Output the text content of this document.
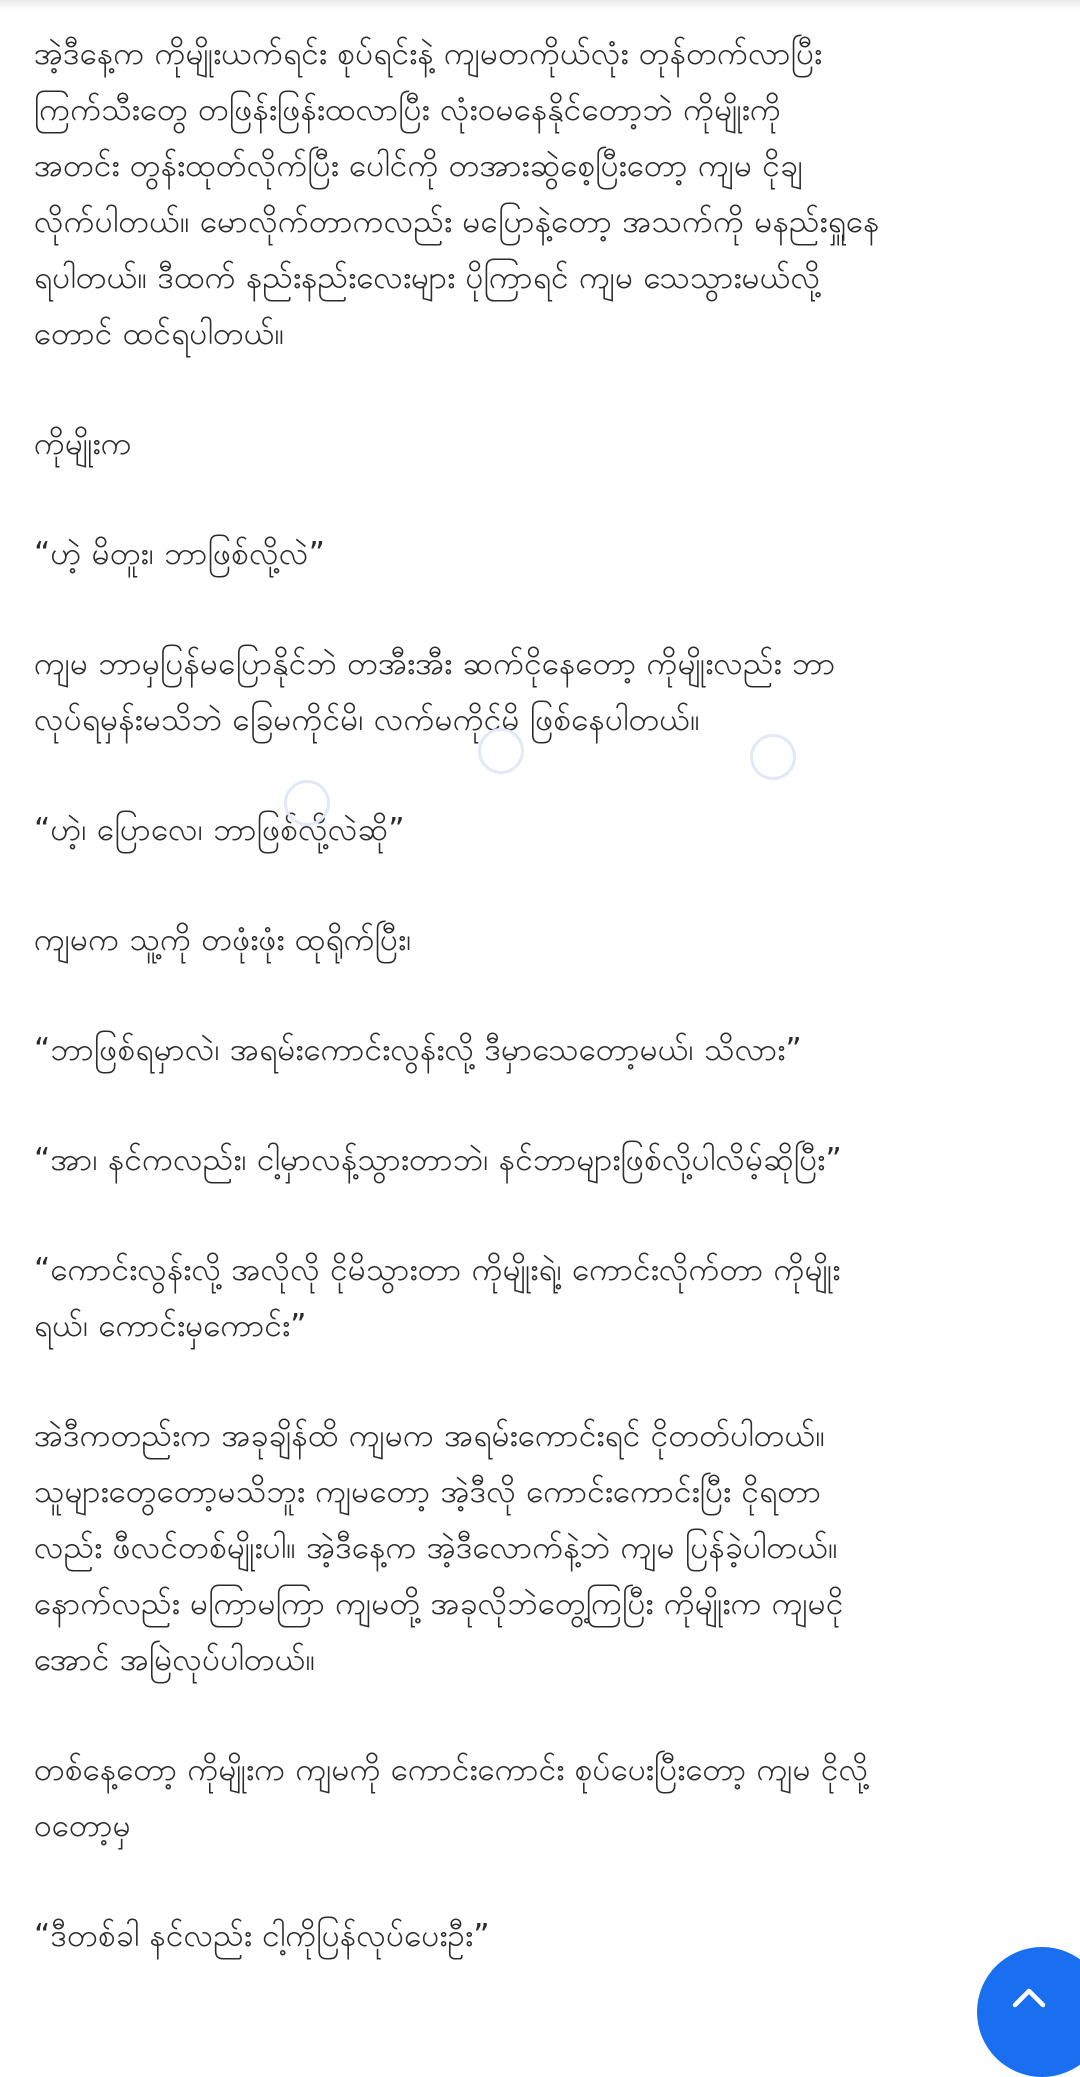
အဲ့ဒီနေ့က ကိုမျိုးယက်ရင်း စုပ်ရင်းနဲ့ ကျမတကိုယ်လုံး တုန်တက်လာပြီး
ကြက်သီးတွေ တဖြန်းဖြန်းထလာပြီး လုံးဝမနေနိုင်တော့ဘဲ ကိုမျိုးကို
အတင်း တွန်းထုတ်လိုက်ပြီး ပေါင်ကို တအားဆွဲစေ့ပြီးတော့ ကျမ ငိုချ
လိုက်ပါတယ်။ မောလိုက်တာကလည်း မပြောနဲ့တော့ အသက်ကို မနည်းရှူနေ
ရပါတယ်။ ဒီထက် နည်းနည်းလေးများ ပိုကြာရင် ကျမ သေသွားမယ်လို့
တောင် ထင်ရပါတယ်။

ကိုမျိုးက

“ဟဲ့ မိတူး၊ ဘာဖြစ်လို့လဲ”

ကျမ ဘာမှပြန်မပြောနိုင်ဘဲ တအီးအီး ဆက်ငိုနေတော့ ကိုမျိုးလည်း ဘာ
လုပ်ရမှန်းမသိဘဲ ခြေမကိုင်မိ၊ လက်မကိုင်မိ ဖြစ်နေပါတယ်။

“ဟဲ့၊ ပြောလေ၊ ဘာဖြစ်လို့လဲဆို”

ကျမက သူ့ကို တဖုံးဖုံး ထုရိုက်ပြီး၊

“ဘာဖြစ်ရမှာလဲ၊ အရမ်းကောင်းလွန်းလို့ ဒီမှာသေတော့မယ်၊ သိလား”

“အာ၊ နင်ကလည်း၊ ငါ့မှာလန့်သွားတာဘဲ၊ နင်ဘာများဖြစ်လို့ပါလိမ့်ဆိုပြီး”

“ကောင်းလွန်းလို့ အလိုလို ငိုမိသွားတာ ကိုမျိုးရဲ့၊ ကောင်းလိုက်တာ ကိုမျိုး
ရယ်၊ ကောင်းမှကောင်း”

အဲဒီကတည်းက အခုချိန်ထိ ကျမက အရမ်းကောင်းရင် ငိုတတ်ပါတယ်။
သူများတွေတော့မသိဘူး ကျမတော့ အဲ့ဒီလို ကောင်းကောင်းပြီး ငိုရတာ
လည်း ဖီလင်တစ်မျိုးပါ။ အဲ့ဒီနေ့က အဲ့ဒီလောက်နဲ့ဘဲ ကျမ ပြန်ခဲ့ပါတယ်။
နောက်လည်း မကြာမကြာ ကျမတို့ အခုလိုဘဲတွေ့ကြပြီး ကိုမျိုးက ကျမငို
အောင် အမြဲလုပ်ပါတယ်။

တစ်နေ့တော့ ကိုမျိုးက ကျမကို ကောင်းကောင်း စုပ်ပေးပြီးတော့ ကျမ ငိုလို့
ဝတော့မှ

“ဒီတစ်ခါ နင်လည်း ငါ့ကိုပြန်လုပ်ပေးဦး”
